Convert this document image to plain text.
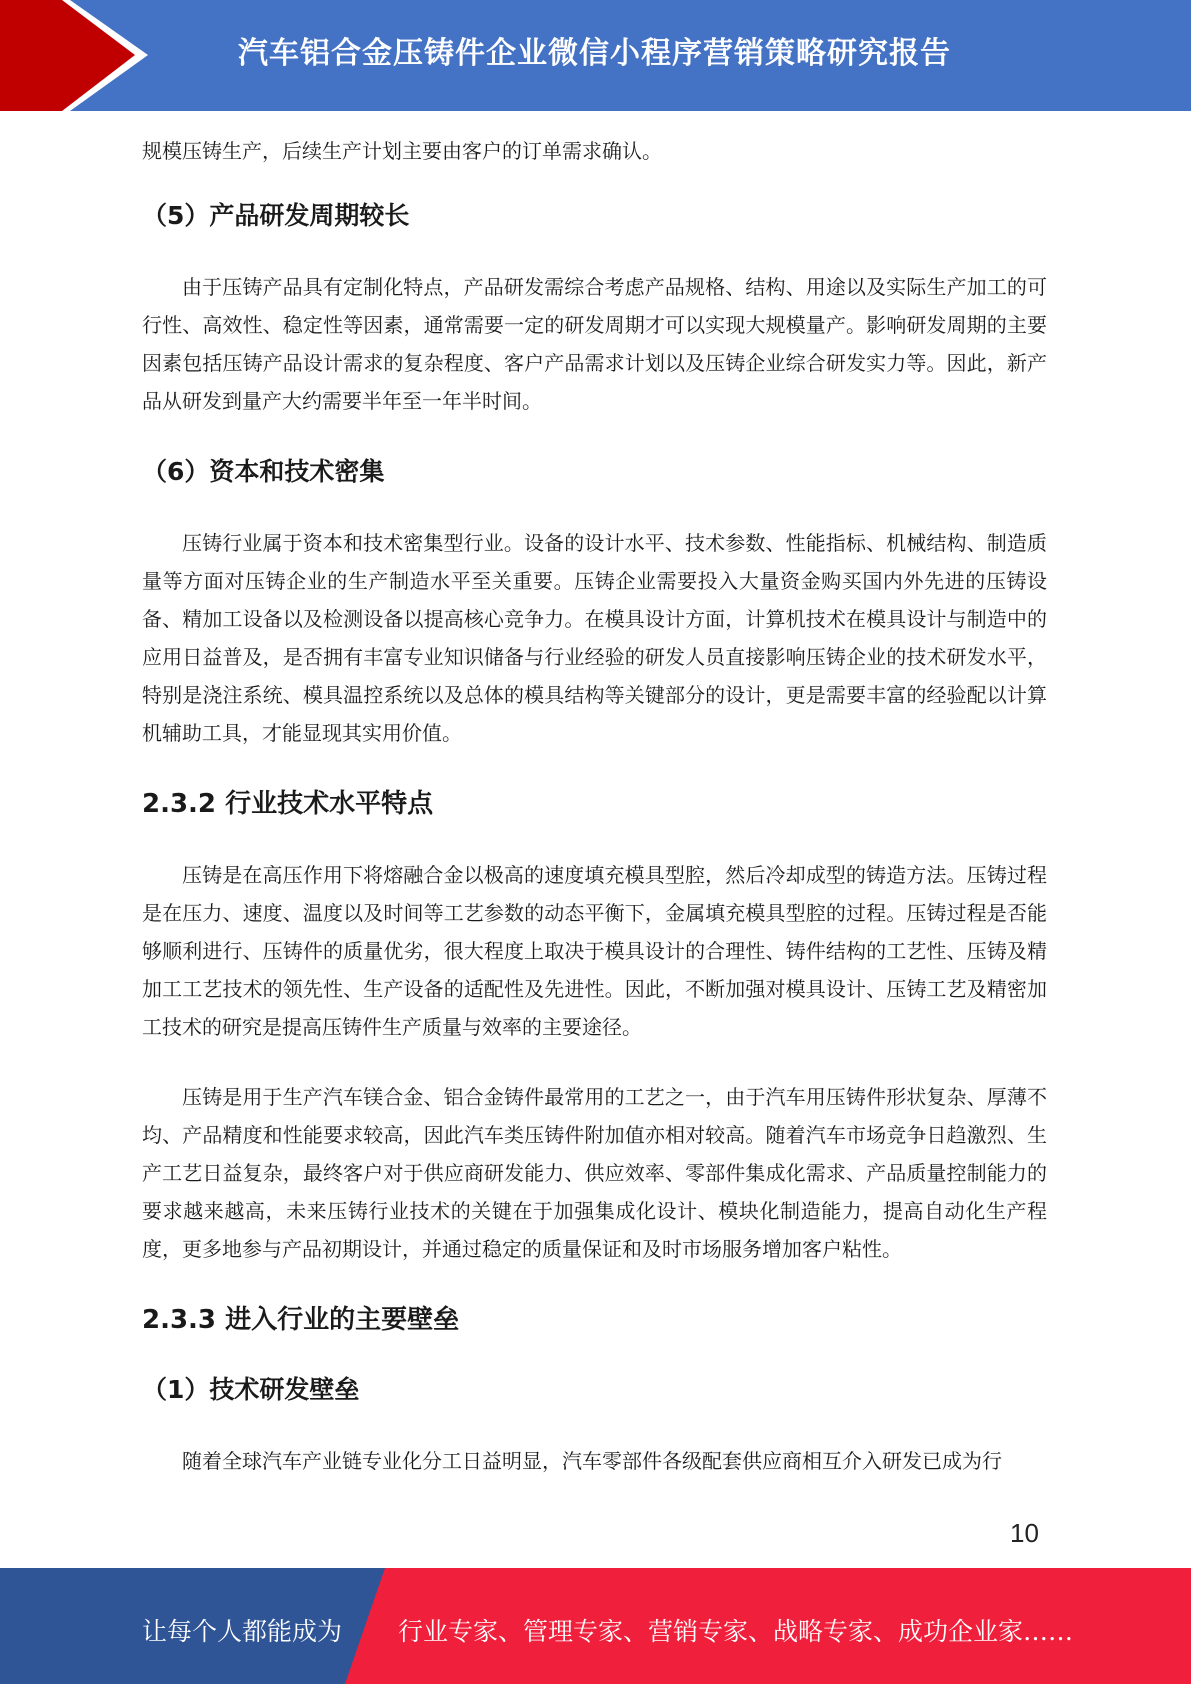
汽车铝合金压铸件企业微信小程序营销策略研究报告

规模压铸生产，后续生产计划主要由客户的订单需求确认。

（5）产品研发周期较长

由于压铸产品具有定制化特点，产品研发需综合考虑产品规格、结构、用途以及实际生产加工的可行性、高效性、稳定性等因素，通常需要一定的研发周期才可以实现大规模量产。影响研发周期的主要因素包括压铸产品设计需求的复杂程度、客户产品需求计划以及压铸企业综合研发实力等。因此，新产品从研发到量产大约需要半年至一年半时间。

（6）资本和技术密集

压铸行业属于资本和技术密集型行业。设备的设计水平、技术参数、性能指标、机械结构、制造质量等方面对压铸企业的生产制造水平至关重要。压铸企业需要投入大量资金购买国内外先进的压铸设备、精加工设备以及检测设备以提高核心竞争力。在模具设计方面，计算机技术在模具设计与制造中的应用日益普及，是否拥有丰富专业知识储备与行业经验的研发人员直接影响压铸企业的技术研发水平，特别是浇注系统、模具温控系统以及总体的模具结构等关键部分的设计，更是需要丰富的经验配以计算机辅助工具，才能显现其实用价值。

2.3.2 行业技术水平特点

压铸是在高压作用下将熔融合金以极高的速度填充模具型腔，然后冷却成型的铸造方法。压铸过程是在压力、速度、温度以及时间等工艺参数的动态平衡下，金属填充模具型腔的过程。压铸过程是否能够顺利进行、压铸件的质量优劣，很大程度上取决于模具设计的合理性、铸件结构的工艺性、压铸及精加工工艺技术的领先性、生产设备的适配性及先进性。因此，不断加强对模具设计、压铸工艺及精密加工技术的研究是提高压铸件生产质量与效率的主要途径。

压铸是用于生产汽车镁合金、铝合金铸件最常用的工艺之一，由于汽车用压铸件形状复杂、厚薄不均、产品精度和性能要求较高，因此汽车类压铸件附加值亦相对较高。随着汽车市场竞争日趋激烈、生产工艺日益复杂，最终客户对于供应商研发能力、供应效率、零部件集成化需求、产品质量控制能力的要求越来越高，未来压铸行业技术的关键在于加强集成化设计、模块化制造能力，提高自动化生产程度，更多地参与产品初期设计，并通过稳定的质量保证和及时市场服务增加客户粘性。

2.3.3 进入行业的主要壁垒
（1）技术研发壁垒

随着全球汽车产业链专业化分工日益明显，汽车零部件各级配套供应商相互介入研发已成为行

10
让每个人都能成为 行业专家、管理专家、营销专家、战略专家、成功企业家……
